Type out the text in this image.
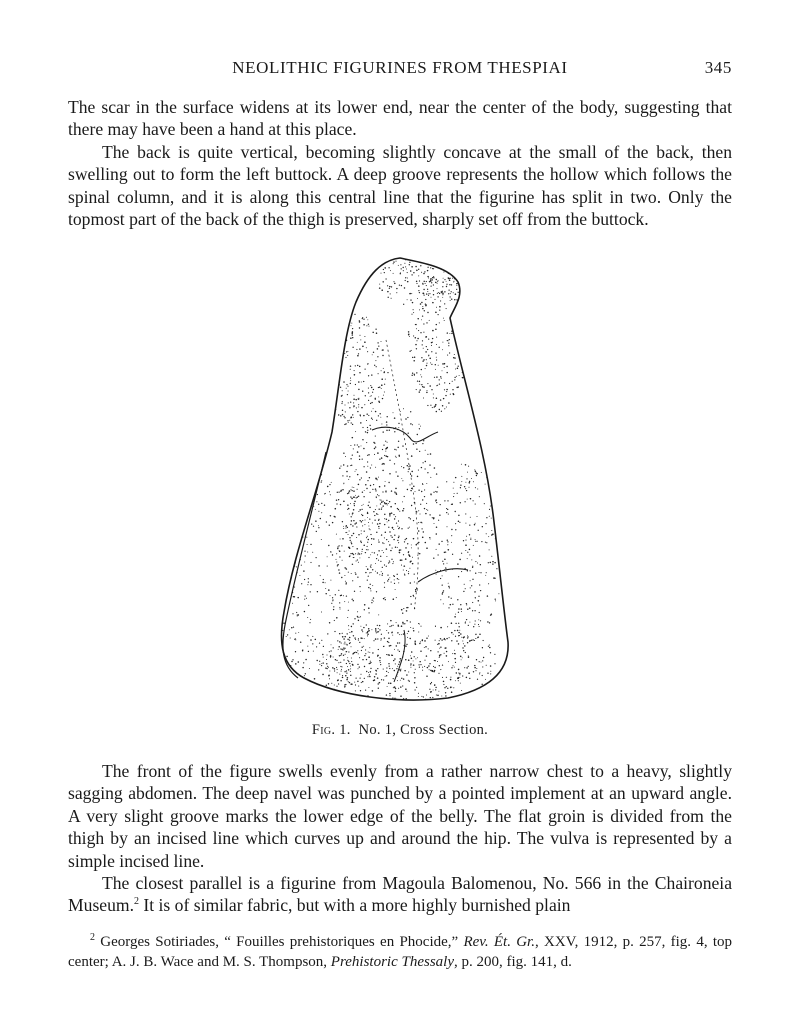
NEOLITHIC FIGURINES FROM THESPIAI	345

The scar in the surface widens at its lower end, near the center of the body, suggesting that there may have been a hand at this place.

The back is quite vertical, becoming slightly concave at the small of the back, then swelling out to form the left buttock. A deep groove represents the hollow which follows the spinal column, and it is along this central line that the figurine has split in two. Only the topmost part of the back of the thigh is preserved, sharply set off from the buttock.

Fig. 1. No. 1, Cross Section.

The front of the figure swells evenly from a rather narrow chest to a heavy, slightly sagging abdomen. The deep navel was punched by a pointed implement at an upward angle. A very slight groove marks the lower edge of the belly. The flat groin is divided from the thigh by an incised line which curves up and around the hip. The vulva is represented by a simple incised line.

The closest parallel is a figurine from Magoula Balomenou, No. 566 in the Chaironeia Museum.$^2$ It is of similar fabric, but with a more highly burnished plain

$^2$ Georges Sotiriades, “ Fouilles prehistoriques en Phocide,” Rev. Ét. Gr., XXV, 1912, p. 257, fig. 4, top center; A. J. B. Wace and M. S. Thompson, Prehistoric Thessaly, p. 200, fig. 141, d.
